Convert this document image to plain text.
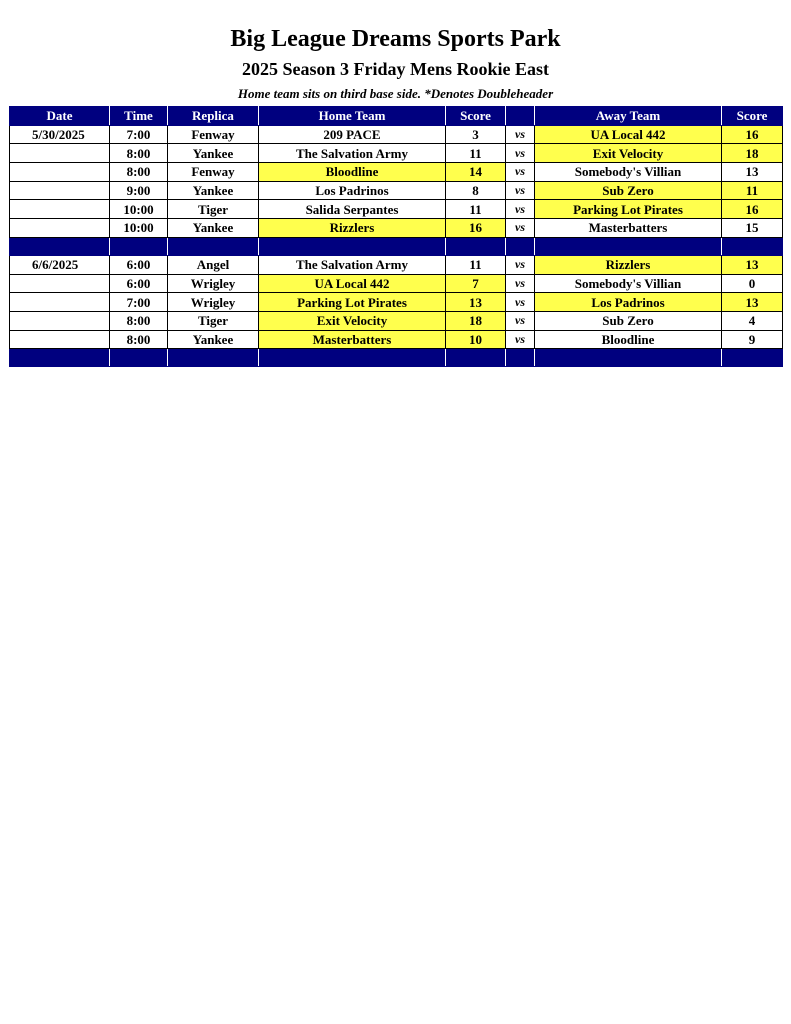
Big League Dreams Sports Park
2025 Season 3 Friday Mens Rookie East
Home team sits on third base side. *Denotes Doubleheader
Date	Time	Replica	Home Team	Score		Away Team	Score
5/30/2025	7:00	Fenway	209 PACE	3	vs	UA Local 442	16
	8:00	Yankee	The Salvation Army	11	vs	Exit Velocity	18
	8:00	Fenway	Bloodline	14	vs	Somebody's Villian	13
	9:00	Yankee	Los Padrinos	8	vs	Sub Zero	11
	10:00	Tiger	Salida Serpantes	11	vs	Parking Lot Pirates	16
	10:00	Yankee	Rizzlers	16	vs	Masterbatters	15

6/6/2025	6:00	Angel	The Salvation Army	11	vs	Rizzlers	13
	6:00	Wrigley	UA Local 442	7	vs	Somebody's Villian	0
	7:00	Wrigley	Parking Lot Pirates	13	vs	Los Padrinos	13
	8:00	Tiger	Exit Velocity	18	vs	Sub Zero	4
	8:00	Yankee	Masterbatters	10	vs	Bloodline	9
